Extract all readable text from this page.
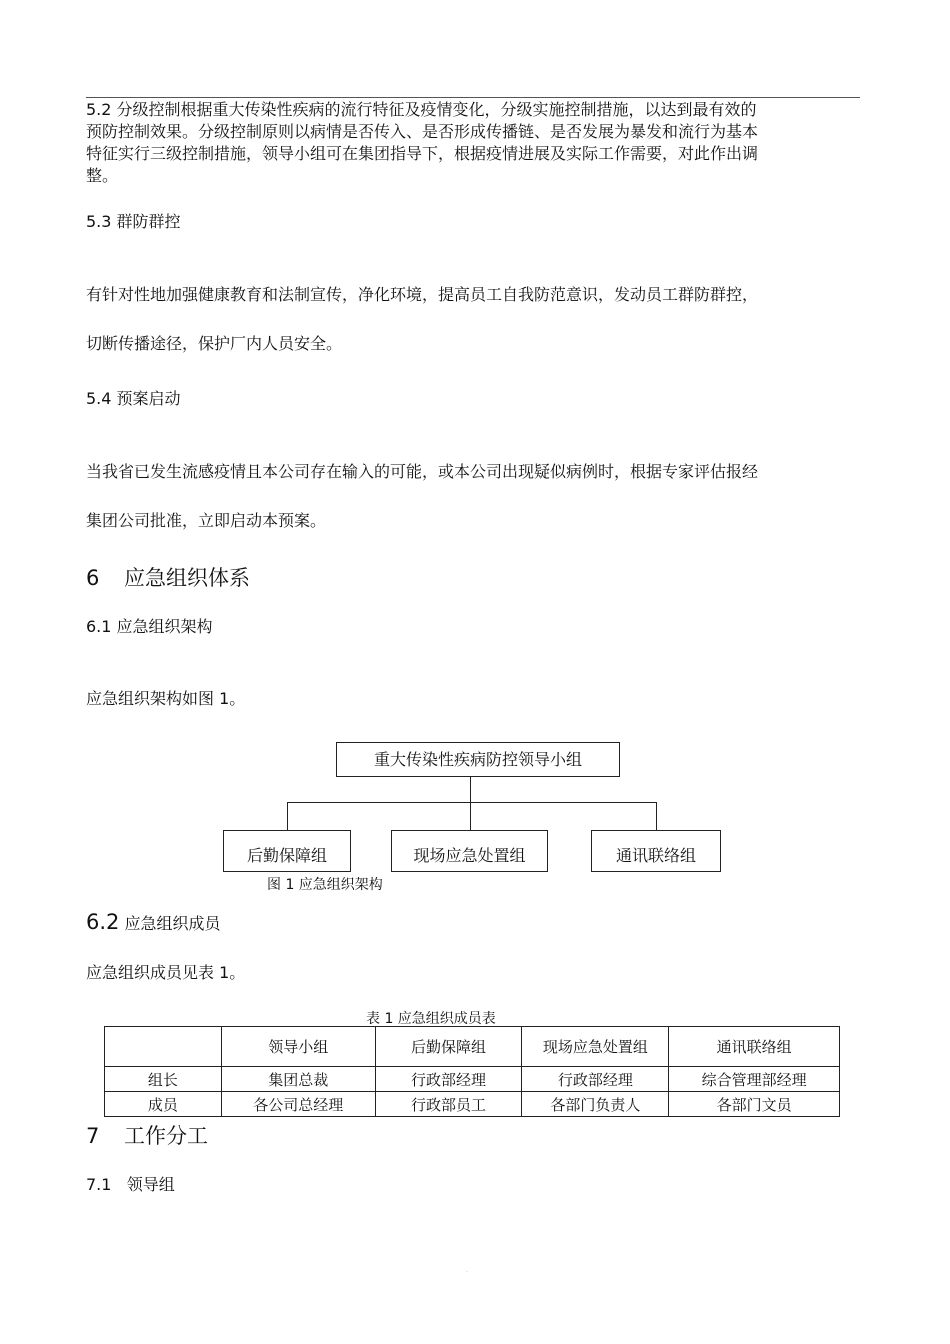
5.2 分级控制根据重大传染性疾病的流行特征及疫情变化，分级实施控制措施，以达到最有效的
预防控制效果。分级控制原则以病情是否传入、是否形成传播链、是否发展为暴发和流行为基本
特征实行三级控制措施，领导小组可在集团指导下，根据疫情进展及实际工作需要，对此作出调
整。
5.3 群防群控
有针对性地加强健康教育和法制宣传，净化环境，提高员工自我防范意识，发动员工群防群控，
切断传播途径，保护厂内人员安全。
5.4 预案启动
当我省已发生流感疫情且本公司存在输入的可能，或本公司出现疑似病例时，根据专家评估报经
集团公司批准，立即启动本预案。
6 应急组织体系
6.1 应急组织架构
应急组织架构如图 1。
重大传染性疾病防控领导小组
后勤保障组	现场应急处置组	通讯联络组
图 1 应急组织架构
6.2 应急组织成员
应急组织成员见表 1。
表 1 应急组织成员表
	领导小组	后勤保障组	现场应急处置组	通讯联络组
组长	集团总裁	行政部经理	行政部经理	综合管理部经理
成员	各公司总经理	行政部员工	各部门负责人	各部门文员
7 工作分工
7.1   领导组
·
